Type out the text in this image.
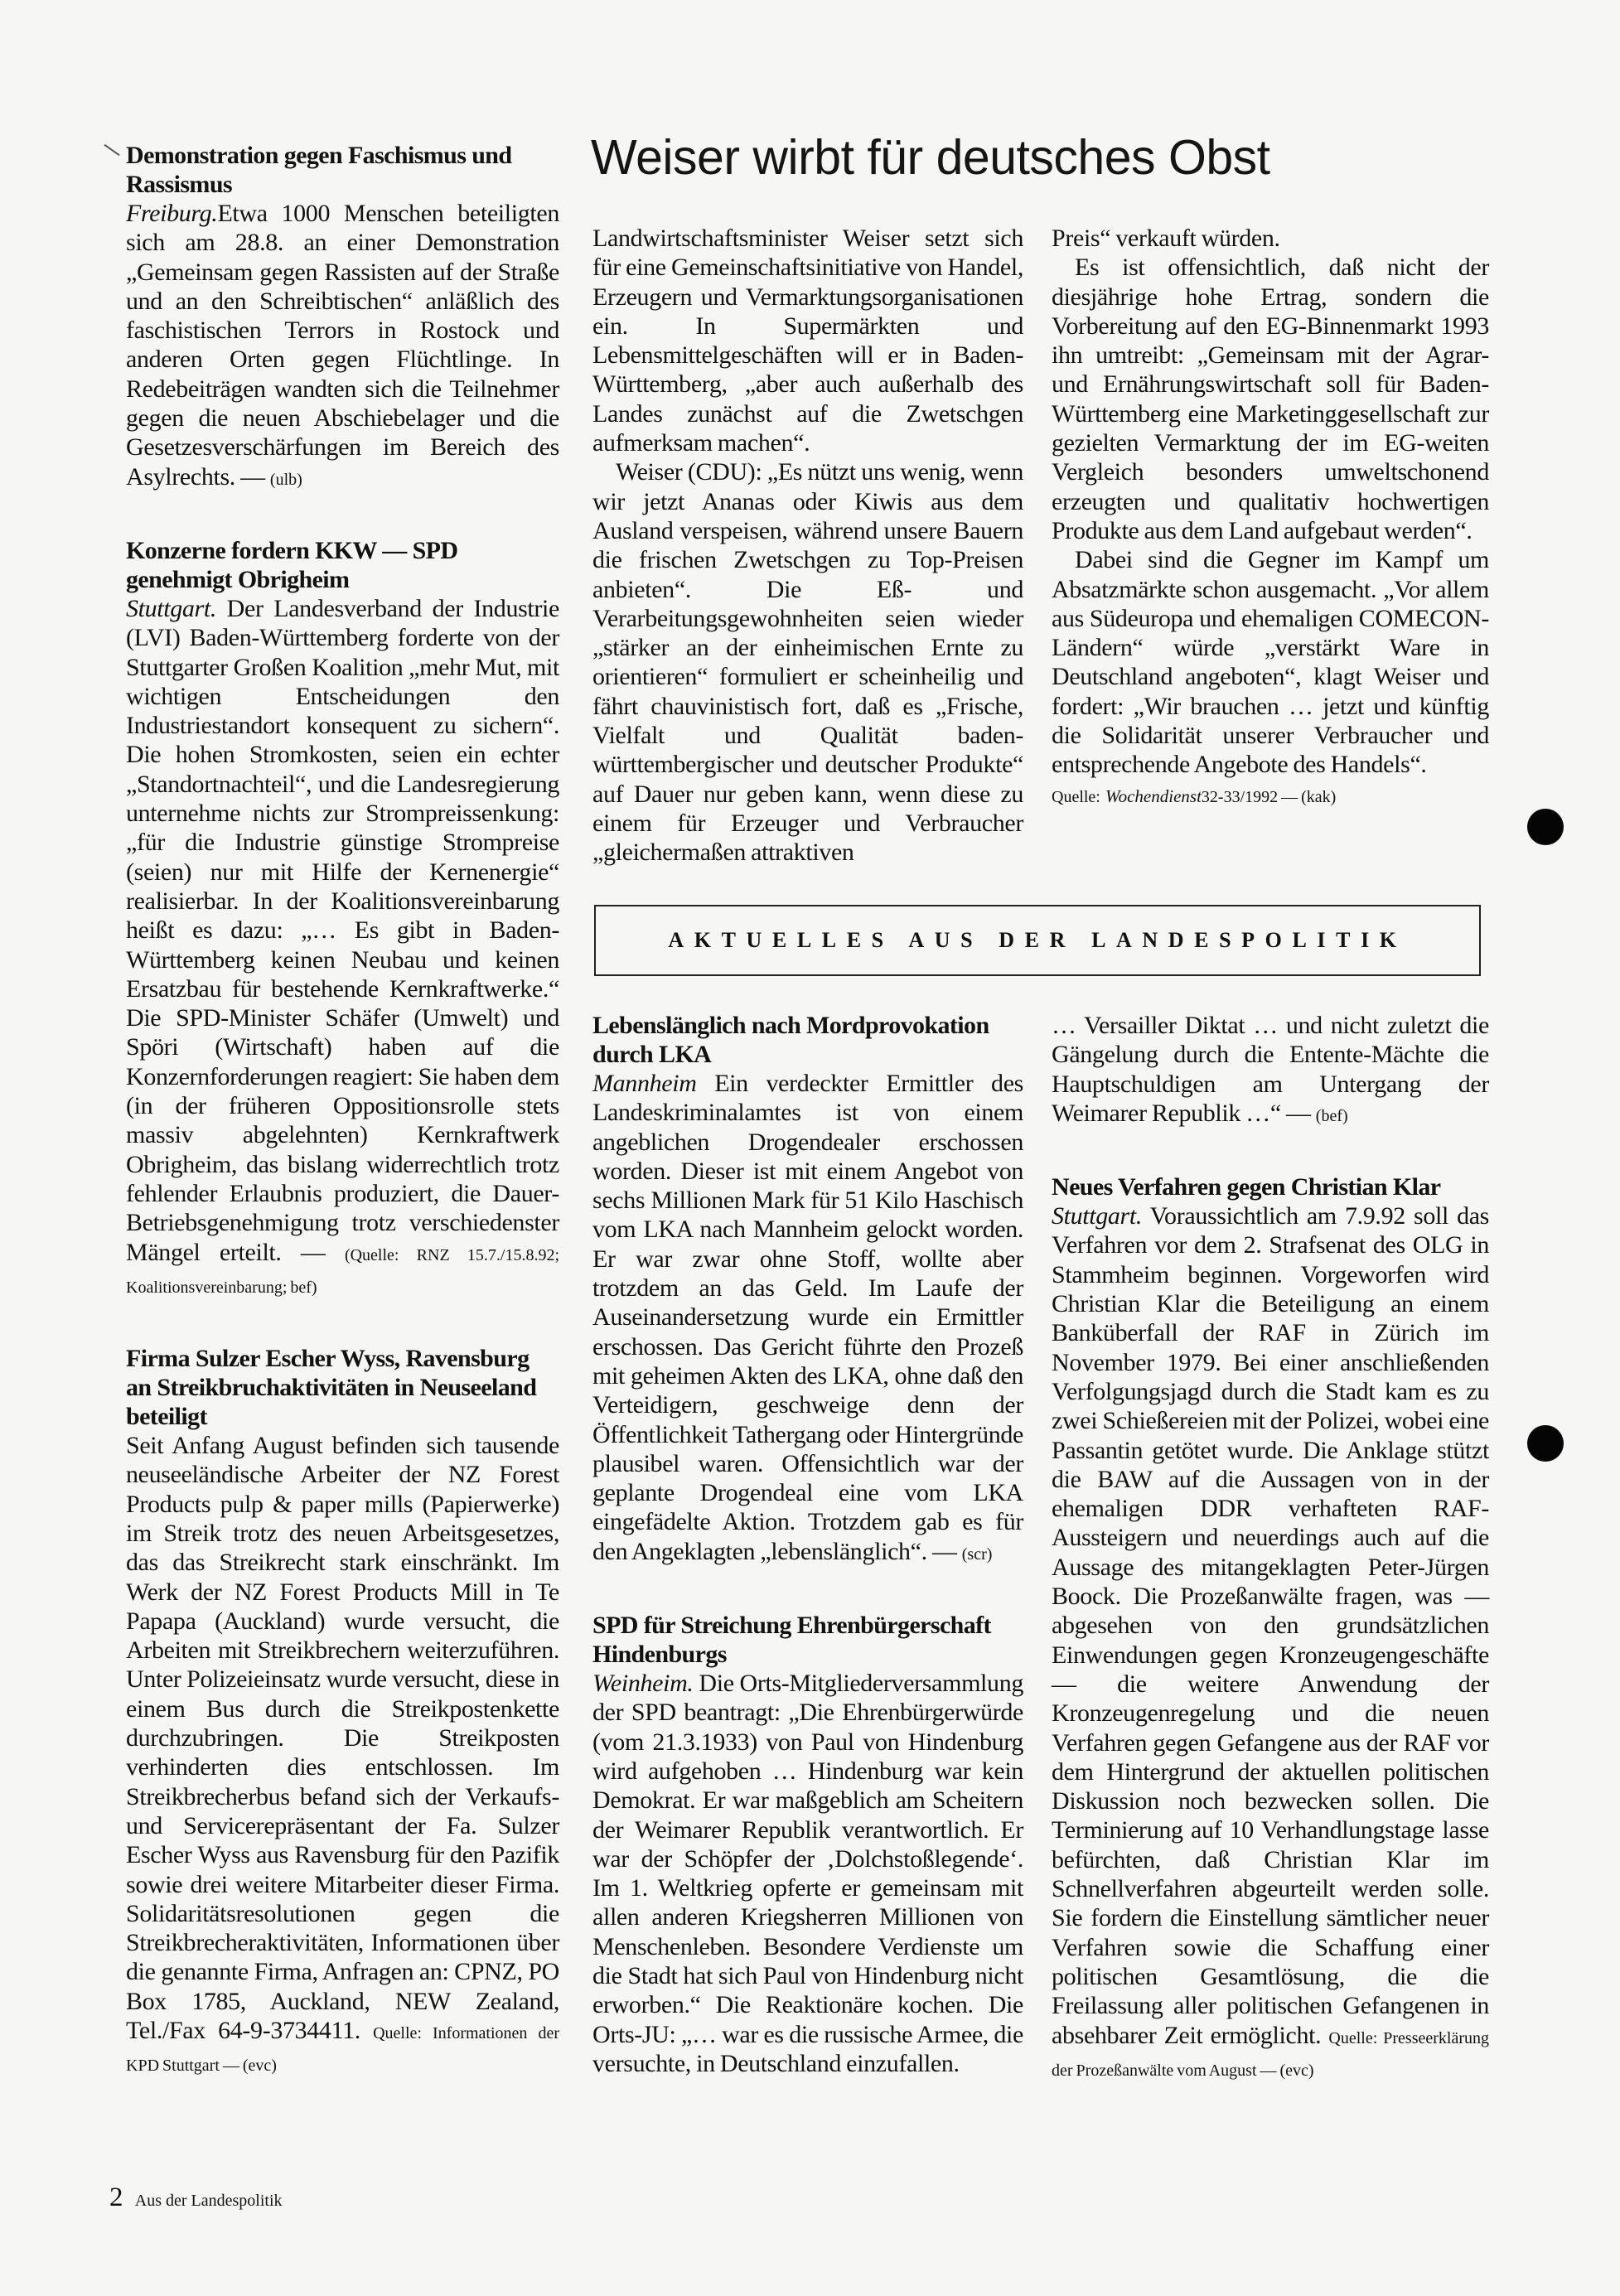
Demonstration gegen Faschismus und Rassismus

Freiburg.Etwa 1000 Menschen beteiligten sich am 28.8. an einer Demonstration „Gemeinsam gegen Rassisten auf der Straße und an den Schreibtischen“ anläßlich des faschistischen Terrors in Rostock und anderen Orten gegen Flüchtlinge. In Redebeiträgen wandten sich die Teilnehmer gegen die neuen Abschiebelager und die Gesetzesverschärfungen im Bereich des Asylrechts. — (ulb)

Konzerne fordern KKW — SPD genehmigt Obrigheim

Stuttgart. Der Landesverband der Industrie (LVI) Baden-Württemberg forderte von der Stuttgarter Großen Koalition „mehr Mut, mit wichtigen Entscheidungen den Industriestandort konsequent zu sichern“. Die hohen Stromkosten, seien ein echter „Standortnachteil“, und die Landesregierung unternehme nichts zur Strompreissenkung: „für die Industrie günstige Strompreise (seien) nur mit Hilfe der Kernenergie“ realisierbar. In der Koalitionsvereinbarung heißt es dazu: „… Es gibt in Baden-Württemberg keinen Neubau und keinen Ersatzbau für bestehende Kernkraftwerke.“ Die SPD-Minister Schäfer (Umwelt) und Spöri (Wirtschaft) haben auf die Konzernforderungen reagiert: Sie haben dem (in der früheren Oppositionsrolle stets massiv abgelehnten) Kernkraftwerk Obrigheim, das bislang widerrechtlich trotz fehlender Erlaubnis produziert, die Dauer-Betriebsgenehmigung trotz verschiedenster Mängel erteilt. — (Quelle: RNZ 15.7./15.8.92; Koalitionsvereinbarung; bef)

Firma Sulzer Escher Wyss, Ravensburg an Streikbruchaktivitäten in Neuseeland beteiligt

Seit Anfang August befinden sich tausende neuseeländische Arbeiter der NZ Forest Products pulp & paper mills (Papierwerke) im Streik trotz des neuen Arbeitsgesetzes, das das Streikrecht stark einschränkt. Im Werk der NZ Forest Products Mill in Te Papapa (Auckland) wurde versucht, die Arbeiten mit Streikbrechern weiterzuführen. Unter Polizeieinsatz wurde versucht, diese in einem Bus durch die Streikpostenkette durchzubringen. Die Streikposten verhinderten dies entschlossen. Im Streikbrecherbus befand sich der Verkaufs- und Servicerepräsentant der Fa. Sulzer Escher Wyss aus Ravensburg für den Pazifik sowie drei weitere Mitarbeiter dieser Firma. Solidaritätsresolutionen gegen die Streikbrecheraktivitäten, Informationen über die genannte Firma, Anfragen an: CPNZ, PO Box 1785, Auckland, NEW Zealand, Tel./Fax 64-9-3734411. Quelle: Informationen der KPD Stuttgart — (evc)

Weiser wirbt für deutsches Obst

Landwirtschaftsminister Weiser setzt sich für eine Gemeinschaftsinitiative von Handel, Erzeugern und Vermarktungsorganisationen ein. In Supermärkten und Lebensmittelgeschäften will er in Baden-Württemberg, „aber auch außerhalb des Landes zunächst auf die Zwetschgen aufmerksam machen“.

Weiser (CDU): „Es nützt uns wenig, wenn wir jetzt Ananas oder Kiwis aus dem Ausland verspeisen, während unsere Bauern die frischen Zwetschgen zu Top-Preisen anbieten“. Die Eß- und Verarbeitungsgewohnheiten seien wieder „stärker an der einheimischen Ernte zu orientieren“ formuliert er scheinheilig und fährt chauvinistisch fort, daß es „Frische, Vielfalt und Qualität baden-württembergischer und deutscher Produkte“ auf Dauer nur geben kann, wenn diese zu einem für Erzeuger und Verbraucher „gleichermaßen attraktiven

Preis“ verkauft würden.

Es ist offensichtlich, daß nicht der diesjährige hohe Ertrag, sondern die Vorbereitung auf den EG-Binnenmarkt 1993 ihn umtreibt: „Gemeinsam mit der Agrar- und Ernährungswirtschaft soll für Baden-Württemberg eine Marketinggesellschaft zur gezielten Vermarktung der im EG-weiten Vergleich besonders umweltschonend erzeugten und qualitativ hochwertigen Produkte aus dem Land aufgebaut werden“.

Dabei sind die Gegner im Kampf um Absatzmärkte schon ausgemacht. „Vor allem aus Südeuropa und ehemaligen COMECON-Ländern“ würde „verstärkt Ware in Deutschland angeboten“, klagt Weiser und fordert: „Wir brauchen … jetzt und künftig die Solidarität unserer Verbraucher und entsprechende Angebote des Handels“.

Quelle: Wochendienst32-33/1992 — (kak)

AKTUELLES AUS DER LANDESPOLITIK
Lebenslänglich nach Mordprovokation durch LKA

Mannheim Ein verdeckter Ermittler des Landeskriminalamtes ist von einem angeblichen Drogendealer erschossen worden. Dieser ist mit einem Angebot von sechs Millionen Mark für 51 Kilo Haschisch vom LKA nach Mannheim gelockt worden. Er war zwar ohne Stoff, wollte aber trotzdem an das Geld. Im Laufe der Auseinandersetzung wurde ein Ermittler erschossen. Das Gericht führte den Prozeß mit geheimen Akten des LKA, ohne daß den Verteidigern, geschweige denn der Öffentlichkeit Tathergang oder Hintergründe plausibel waren. Offensichtlich war der geplante Drogendeal eine vom LKA eingefädelte Aktion. Trotzdem gab es für den Angeklagten „lebenslänglich“. — (scr)

SPD für Streichung Ehrenbürgerschaft Hindenburgs

Weinheim. Die Orts-Mitgliederversammlung der SPD beantragt: „Die Ehrenbürgerwürde (vom 21.3.1933) von Paul von Hindenburg wird aufgehoben … Hindenburg war kein Demokrat. Er war maßgeblich am Scheitern der Weimarer Republik verantwortlich. Er war der Schöpfer der ‚Dolchstoßlegende‘. Im 1. Weltkrieg opferte er gemeinsam mit allen anderen Kriegsherren Millionen von Menschenleben. Besondere Verdienste um die Stadt hat sich Paul von Hindenburg nicht erworben.“ Die Reaktionäre kochen. Die Orts-JU: „… war es die russische Armee, die versuchte, in Deutschland einzufallen.

… Versailler Diktat … und nicht zuletzt die Gängelung durch die Entente-Mächte die Hauptschuldigen am Untergang der Weimarer Republik …“ — (bef)

Neues Verfahren gegen Christian Klar

Stuttgart. Voraussichtlich am 7.9.92 soll das Verfahren vor dem 2. Strafsenat des OLG in Stammheim beginnen. Vorgeworfen wird Christian Klar die Beteiligung an einem Banküberfall der RAF in Zürich im November 1979. Bei einer anschließenden Verfolgungsjagd durch die Stadt kam es zu zwei Schießereien mit der Polizei, wobei eine Passantin getötet wurde. Die Anklage stützt die BAW auf die Aussagen von in der ehemaligen DDR verhafteten RAF-Aussteigern und neuerdings auch auf die Aussage des mitangeklagten Peter-Jürgen Boock. Die Prozeßanwälte fragen, was — abgesehen von den grundsätzlichen Einwendungen gegen Kronzeugengeschäfte — die weitere Anwendung der Kronzeugenregelung und die neuen Verfahren gegen Gefangene aus der RAF vor dem Hintergrund der aktuellen politischen Diskussion noch bezwecken sollen. Die Terminierung auf 10 Verhandlungstage lasse befürchten, daß Christian Klar im Schnellverfahren abgeurteilt werden solle. Sie fordern die Einstellung sämtlicher neuer Verfahren sowie die Schaffung einer politischen Gesamtlösung, die die Freilassung aller politischen Gefangenen in absehbarer Zeit ermöglicht. Quelle: Presseerklärung der Prozeßanwälte vom August — (evc)

2 Aus der Landespolitik
